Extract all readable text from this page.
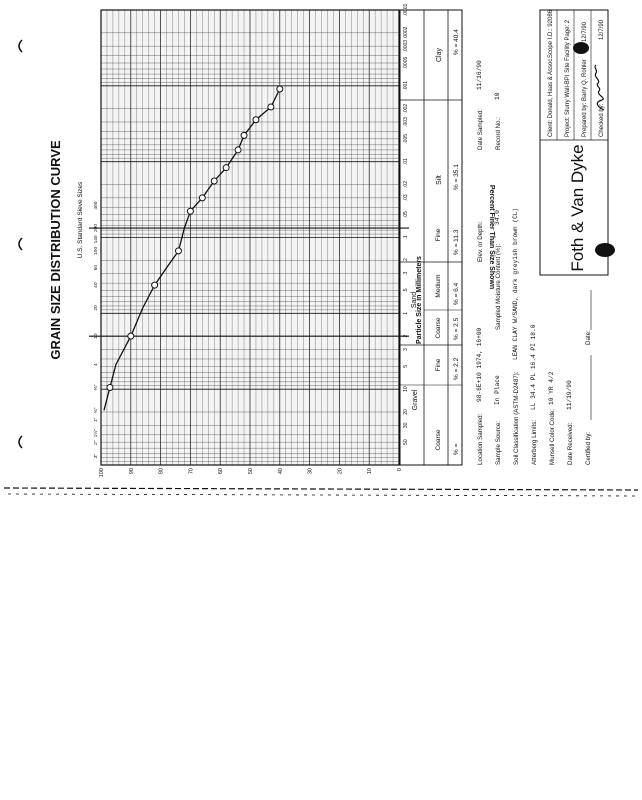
GRAIN SIZE DISTRIBUTION CURVE U.S. Standard Sieve Sizes
3"
2"
1½"
1"
¾"
⅜"
4
10
20
40
60
100
140
200
400
0
10
20
30
40
50
60
70
80
90
100
50
30
20
10
5
3
2
1
.5
.3
.2
.1
.05
.03
.02
.01
.005
.003
.002
.001
.0005
.0003
.0002
.0001
Percent Finer Than Size Shown
Particle Size in Millimeters
Gravel
Sand
Silt
Clay
Coarse
Fine
Coarse
Medium
Fine
% =
% = 2.2
% = 2.5
% = 6.4
% = 11.3
% = 35.1
% = 40.4
Location Sampled:
98-6E+10 1974, 16+00
Elev. or Depth:
Date Sampled:
11/16/90
Sample Source:
In Place
Sampled Moisture Content (%):
34.0
Record No.:
10
Soil Classification (ASTM-D2487):
LEAN CLAY W/SAND, dark greyish brown (CL)
Atterberg Limits:
LL 34.4 PL 16.4 PI 18.0
Munsell Color Code:
10 YR 4/2
Date Received:
11/19/90
Certified by:
Date:
Foth & Van Dyke
Client: Donald, Haas & Assoc.
Scope I.D.: 92086 Project: Slurry Wall-BPI Site Facility Page: 2 Prepared by: Barry Q. Rohler
12/7/90
Checked by:
12/7/90
